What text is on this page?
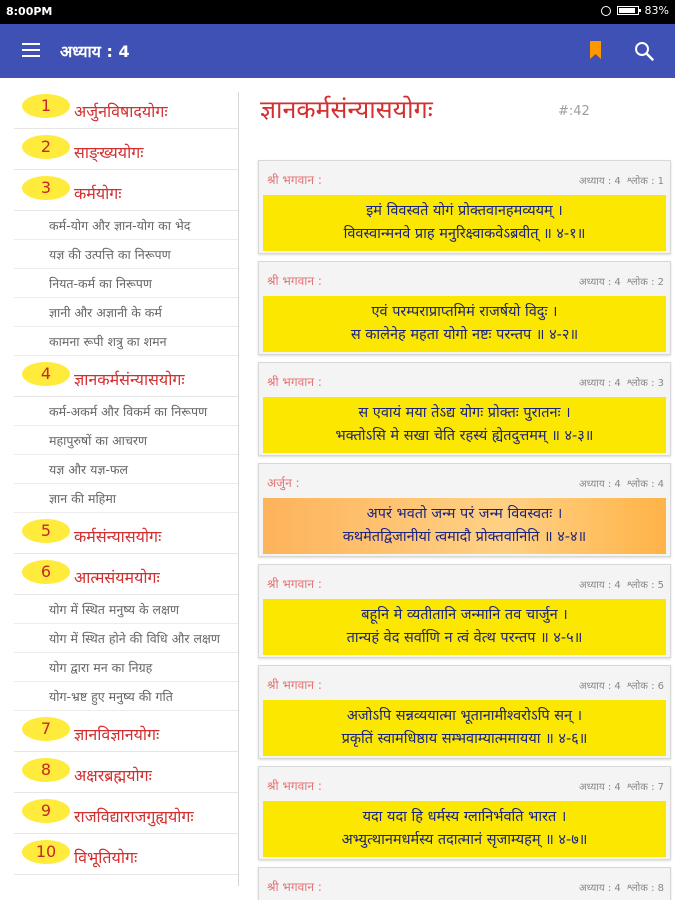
8:00PM	83%
अध्याय : 4
1	अर्जुनविषादयोगः
2	साङ्ख्ययोगः
3	कर्मयोगः
कर्म-योग और ज्ञान-योग का भेद
यज्ञ की उत्पत्ति का निरूपण
नियत-कर्म का निरूपण
ज्ञानी और अज्ञानी के कर्म
कामना रूपी शत्रु का शमन
4	ज्ञानकर्मसंन्यासयोगः
कर्म-अकर्म और विकर्म का निरूपण
महापुरुषों का आचरण
यज्ञ और यज्ञ-फल
ज्ञान की महिमा
5	कर्मसंन्यासयोगः
6	आत्मसंयमयोगः
योग में स्थित मनुष्य के लक्षण
योग में स्थित होने की विधि और लक्षण
योग द्वारा मन का निग्रह
योग-भ्रष्ट हुए मनुष्य की गति
7	ज्ञानविज्ञानयोगः
8	अक्षरब्रह्मयोगः
9	राजविद्याराजगुह्ययोगः
10	विभूतियोगः
ज्ञानकर्मसंन्यासयोगः	#:42
श्री भगवान :	अध्याय : 4 श्लोक : 1
इमं विवस्वते योगं प्रोक्तवानहमव्ययम् ।
विवस्वान्मनवे प्राह मनुरिक्ष्वाकवेऽब्रवीत् ॥ ४-१॥
श्री भगवान :	अध्याय : 4 श्लोक : 2
एवं परम्पराप्राप्तमिमं राजर्षयो विदुः ।
स कालेनेह महता योगो नष्टः परन्तप ॥ ४-२॥
श्री भगवान :	अध्याय : 4 श्लोक : 3
स एवायं मया तेऽद्य योगः प्रोक्तः पुरातनः ।
भक्तोऽसि मे सखा चेति रहस्यं ह्येतदुत्तमम् ॥ ४-३॥
अर्जुन :	अध्याय : 4 श्लोक : 4
अपरं भवतो जन्म परं जन्म विवस्वतः ।
कथमेतद्विजानीयां त्वमादौ प्रोक्तवानिति ॥ ४-४॥
श्री भगवान :	अध्याय : 4 श्लोक : 5
बहूनि मे व्यतीतानि जन्मानि तव चार्जुन ।
तान्यहं वेद सर्वाणि न त्वं वेत्थ परन्तप ॥ ४-५॥
श्री भगवान :	अध्याय : 4 श्लोक : 6
अजोऽपि सन्नव्ययात्मा भूतानामीश्वरोऽपि सन् ।
प्रकृतिं स्वामधिष्ठाय सम्भवाम्यात्ममायया ॥ ४-६॥
श्री भगवान :	अध्याय : 4 श्लोक : 7
यदा यदा हि धर्मस्य ग्लानिर्भवति भारत ।
अभ्युत्थानमधर्मस्य तदात्मानं सृजाम्यहम् ॥ ४-७॥
श्री भगवान :	अध्याय : 4 श्लोक : 8
